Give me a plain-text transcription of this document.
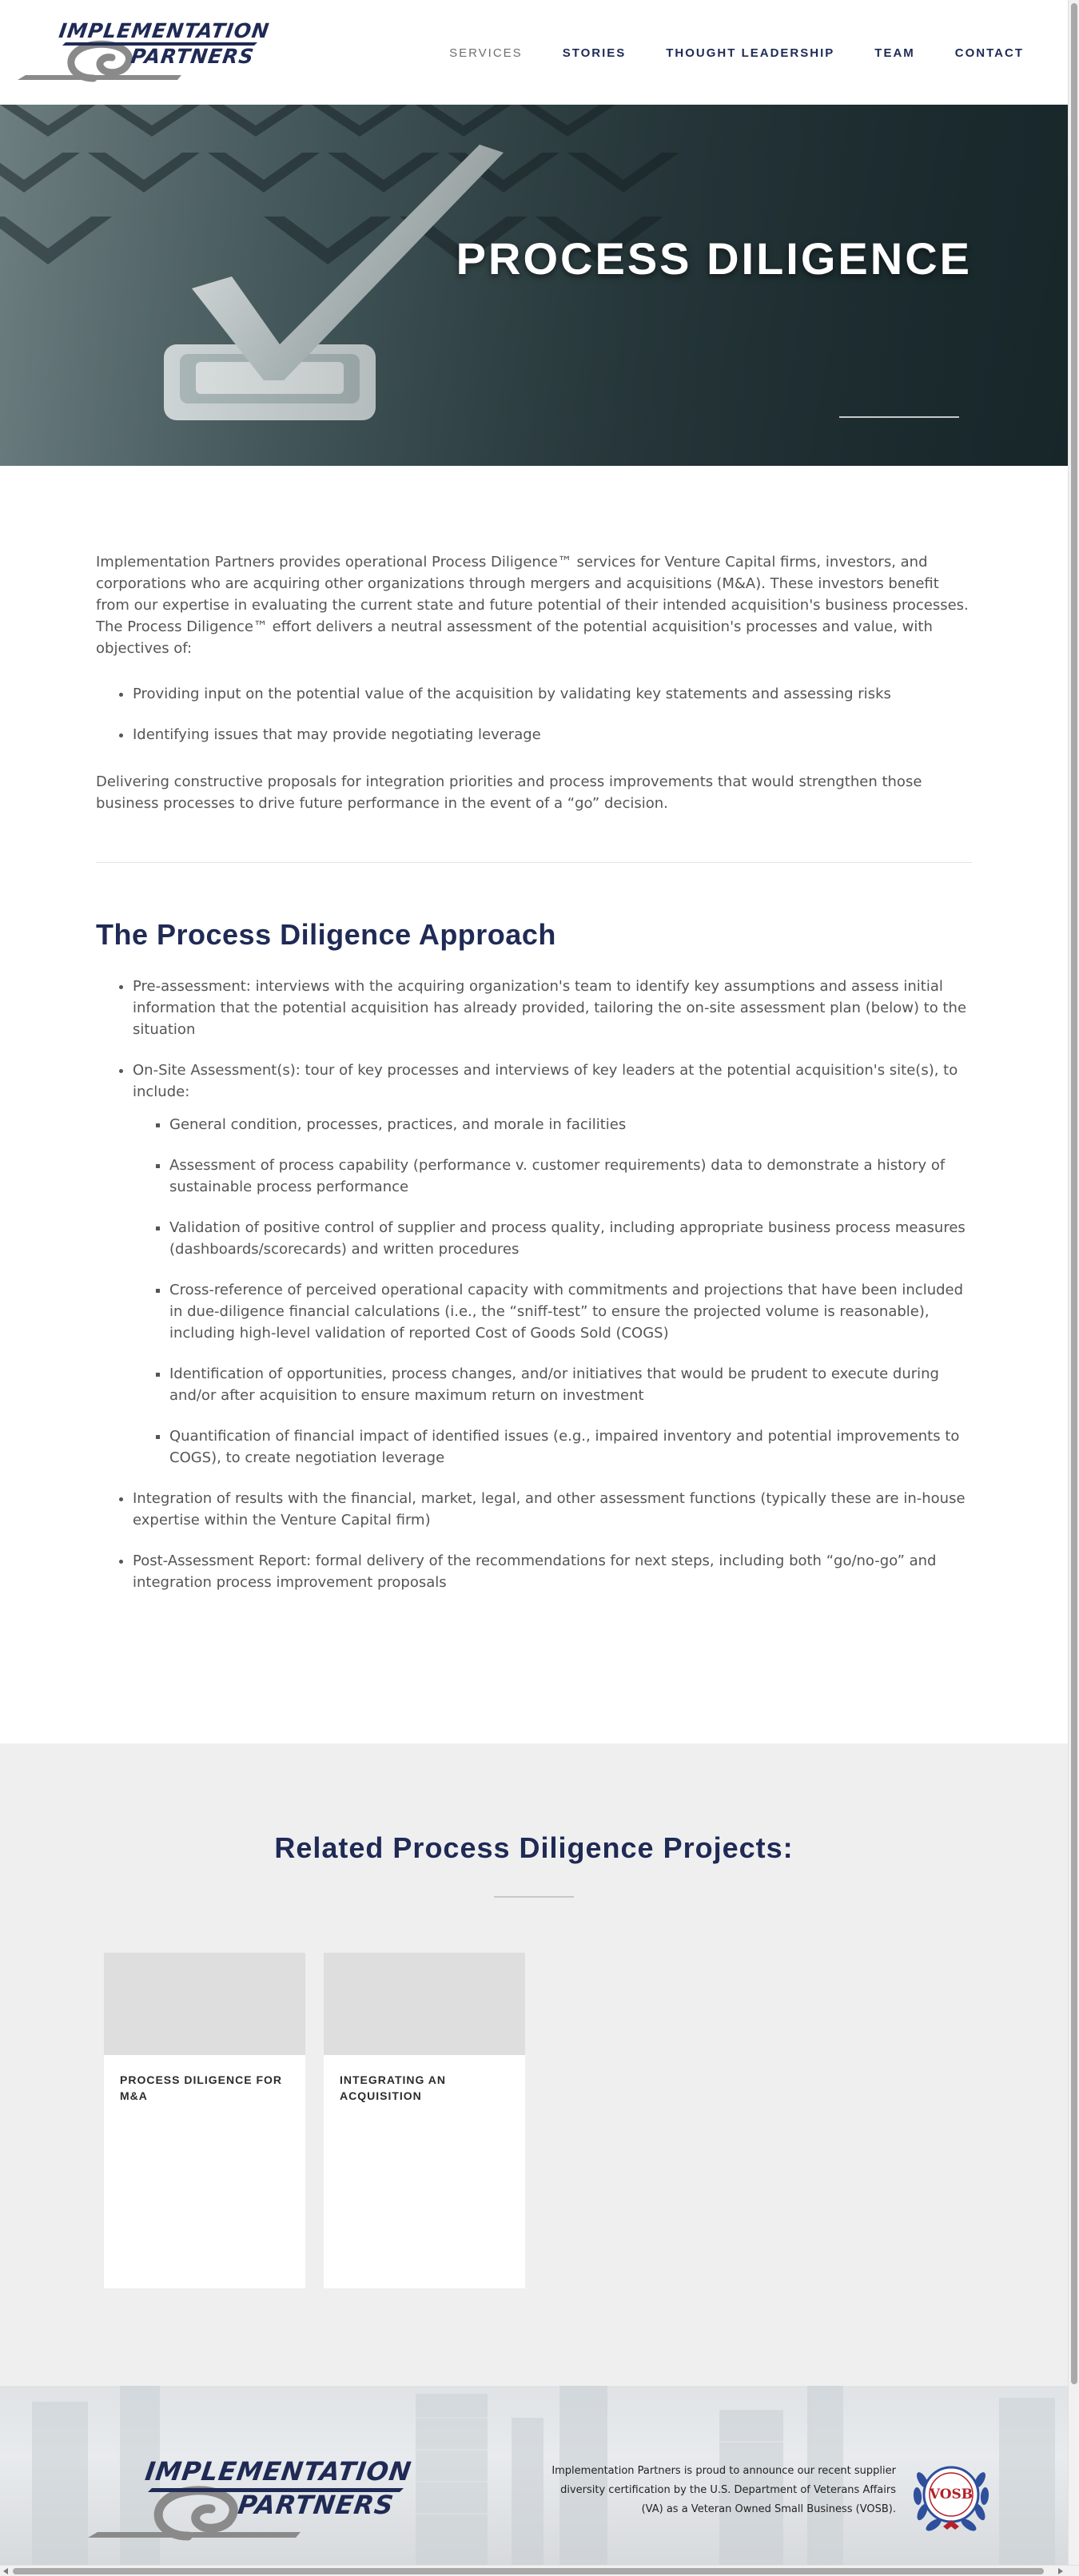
IMPLEMENTATION
PARTNERS	SERVICES	STORIES	THOUGHT LEADERSHIP	TEAM	CONTACT
PROCESS DILIGENCE

Implementation Partners provides operational Process Diligence™ services for Venture Capital firms, investors, and corporations who are acquiring other organizations through mergers and acquisitions (M&A). These investors benefit from our expertise in evaluating the current state and future potential of their intended acquisition's business processes. The Process Diligence™ effort delivers a neutral assessment of the potential acquisition's processes and value, with objectives of:

• Providing input on the potential value of the acquisition by validating key statements and assessing risks
• Identifying issues that may provide negotiating leverage

Delivering constructive proposals for integration priorities and process improvements that would strengthen those business processes to drive future performance in the event of a “go” decision.

The Process Diligence Approach
• Pre-assessment: interviews with the acquiring organization's team to identify key assumptions and assess initial information that the potential acquisition has already provided, tailoring the on-site assessment plan (below) to the situation
• On-Site Assessment(s): tour of key processes and interviews of key leaders at the potential acquisition's site(s), to include:
▪ General condition, processes, practices, and morale in facilities
▪ Assessment of process capability (performance v. customer requirements) data to demonstrate a history of sustainable process performance
▪ Validation of positive control of supplier and process quality, including appropriate business process measures (dashboards/scorecards) and written procedures
▪ Cross-reference of perceived operational capacity with commitments and projections that have been included in due-diligence financial calculations (i.e., the “sniff-test” to ensure the projected volume is reasonable), including high-level validation of reported Cost of Goods Sold (COGS)
▪ Identification of opportunities, process changes, and/or initiatives that would be prudent to execute during and/or after acquisition to ensure maximum return on investment
▪ Quantification of financial impact of identified issues (e.g., impaired inventory and potential improvements to COGS), to create negotiation leverage
• Integration of results with the financial, market, legal, and other assessment functions (typically these are in-house expertise within the Venture Capital firm)
• Post-Assessment Report: formal delivery of the recommendations for next steps, including both “go/no-go” and integration process improvement proposals
Related Process Diligence Projects:
PROCESS DILIGENCE FOR M&A
INTEGRATING AN ACQUISITION
IMPLEMENTATION
PARTNERS

Implementation Partners is proud to announce our recent supplier diversity certification by the U.S. Department of Veterans Affairs (VA) as a Veteran Owned Small Business (VOSB).

VOSB
